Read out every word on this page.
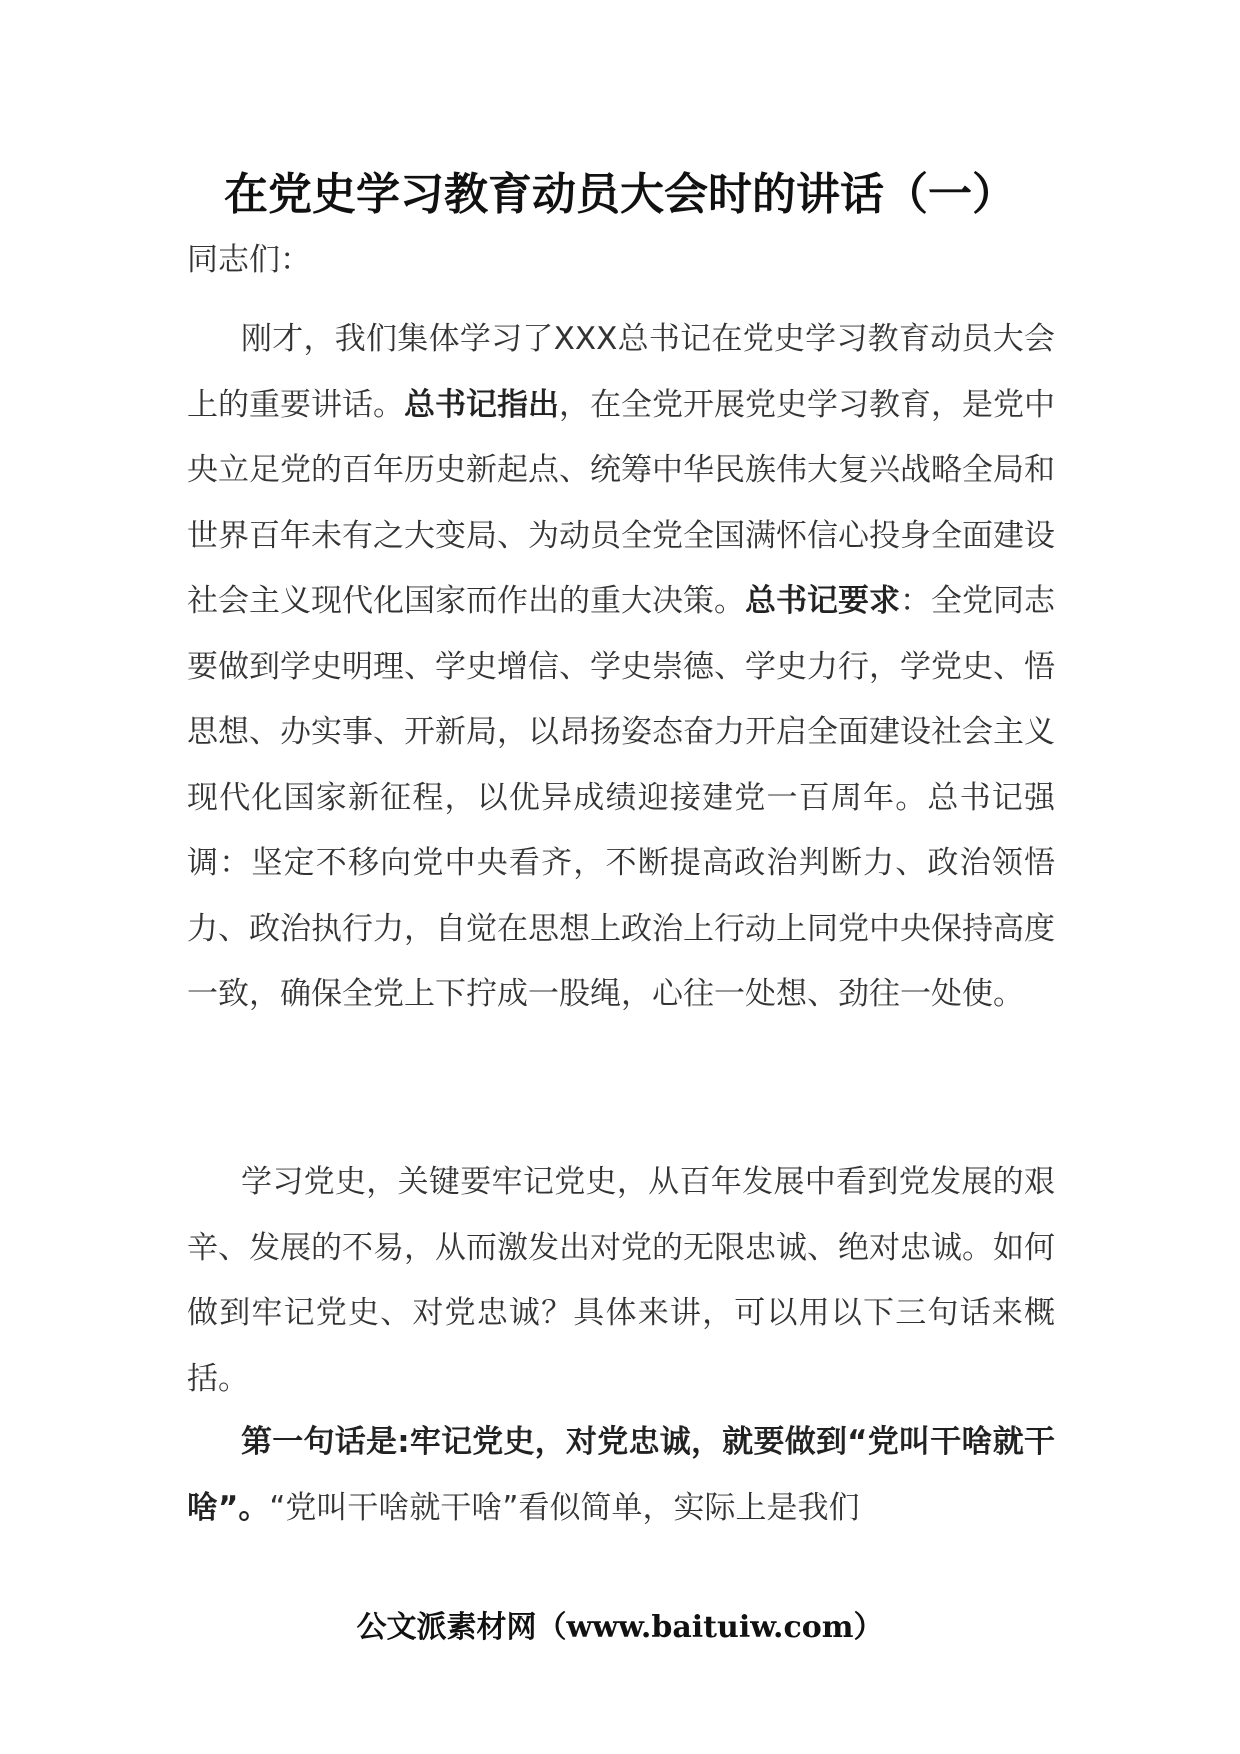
在党史学习教育动员大会时的讲话（一）
同志们：

刚才，我们集体学习了XXX总书记在党史学习教育动员大会上的重要讲话。总书记指出，在全党开展党史学习教育，是党中央立足党的百年历史新起点、统筹中华民族伟大复兴战略全局和世界百年未有之大变局、为动员全党全国满怀信心投身全面建设社会主义现代化国家而作出的重大决策。总书记要求：全党同志要做到学史明理、学史增信、学史崇德、学史力行，学党史、悟思想、办实事、开新局，以昂扬姿态奋力开启全面建设社会主义现代化国家新征程，以优异成绩迎接建党一百周年。总书记强调：坚定不移向党中央看齐，不断提高政治判断力、政治领悟力、政治执行力，自觉在思想上政治上行动上同党中央保持高度一致，确保全党上下拧成一股绳，心往一处想、劲往一处使。

学习党史，关键要牢记党史，从百年发展中看到党发展的艰辛、发展的不易，从而激发出对党的无限忠诚、绝对忠诚。如何做到牢记党史、对党忠诚？具体来讲，可以用以下三句话来概括。

第一句话是:牢记党史，对党忠诚，就要做到“党叫干啥就干啥”。“党叫干啥就干啥”看似简单，实际上是我们

公文派素材网（www.baituiw.com）
